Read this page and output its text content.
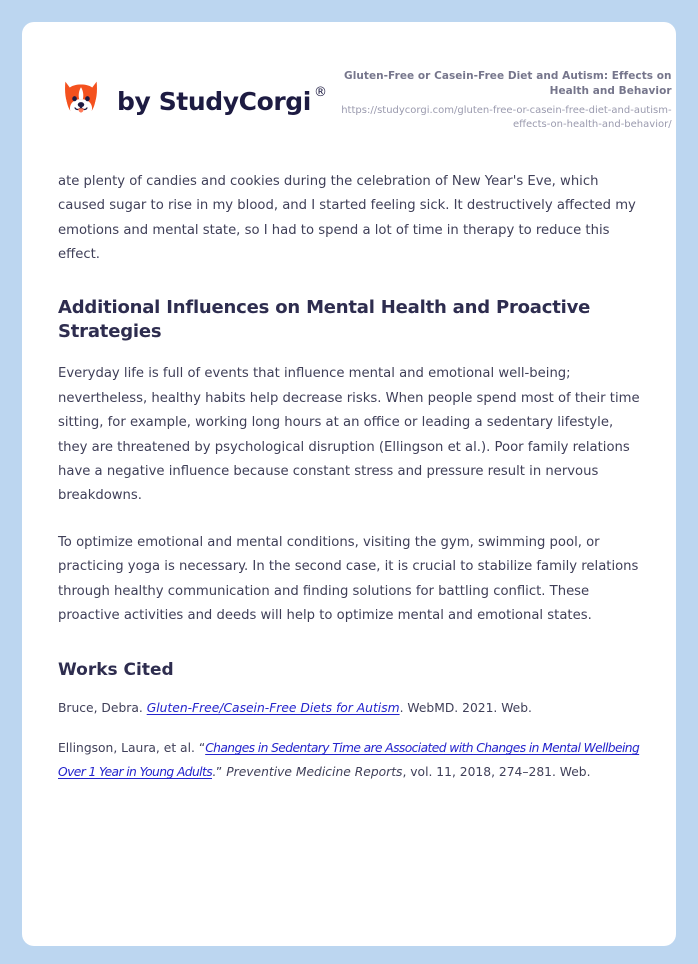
by StudyCorgi ®
Gluten-Free or Casein-Free Diet and Autism: Effects on Health and Behavior
https://studycorgi.com/gluten-free-or-casein-free-diet-and-autism-effects-on-health-and-behavior/

ate plenty of candies and cookies during the celebration of New Year's Eve, which caused sugar to rise in my blood, and I started feeling sick. It destructively affected my emotions and mental state, so I had to spend a lot of time in therapy to reduce this effect.

Additional Influences on Mental Health and Proactive Strategies

Everyday life is full of events that influence mental and emotional well-being; nevertheless, healthy habits help decrease risks. When people spend most of their time sitting, for example, working long hours at an office or leading a sedentary lifestyle, they are threatened by psychological disruption (Ellingson et al.). Poor family relations have a negative influence because constant stress and pressure result in nervous breakdowns.

To optimize emotional and mental conditions, visiting the gym, swimming pool, or practicing yoga is necessary. In the second case, it is crucial to stabilize family relations through healthy communication and finding solutions for battling conflict. These proactive activities and deeds will help to optimize mental and emotional states.

Works Cited

Bruce, Debra. Gluten-Free/Casein-Free Diets for Autism. WebMD. 2021. Web.

Ellingson, Laura, et al. “Changes in Sedentary Time are Associated with Changes in Mental Wellbeing Over 1 Year in Young Adults.” Preventive Medicine Reports, vol. 11, 2018, 274–281. Web.
